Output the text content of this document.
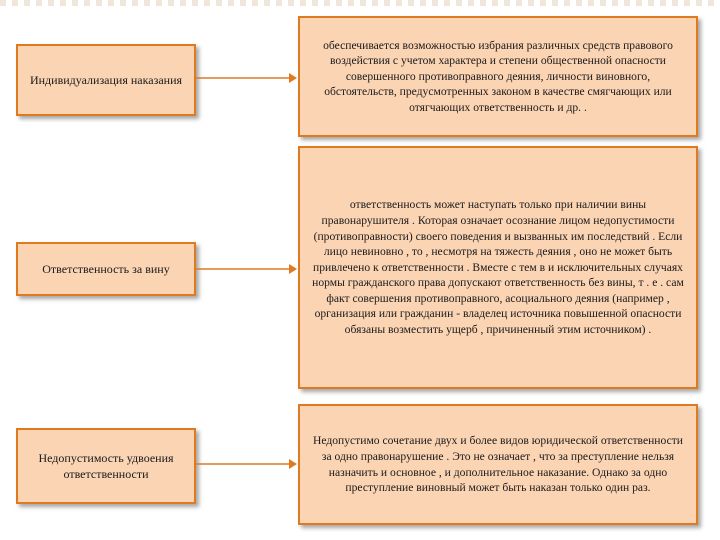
Индивидуализация наказания
обеспечивается возможностью избрания различных средств правового воздействия с учетом характера и степени общественной опасности совершенного противоправного деяния, личности виновного, обстоятельств, предусмотренных законом в качестве смягчающих или отягчающих ответственность и др. .
Ответственность за вину
ответственность может наступать только при наличии вины правонарушителя . Которая означает осознание лицом недопустимости (противоправности) своего поведения и вызванных им последствий . Если лицо невиновно , то , несмотря на тяжесть деяния , оно не может быть привлечено к ответственности . Вместе с тем в и исключительных случаях нормы гражданского права допускают ответственность без вины, т . е . сам факт совершения противоправного, асоциального деяния (например , организация или гражданин - владелец источника повышенной опасности обязаны возместить ущерб , причиненный этим источником) .
Недопустимость удвоения ответственности
Недопустимо сочетание двух и более видов юридической ответственности за одно правонарушение . Это не означает , что за преступление нельзя назначить и основное , и дополнительное наказание. Однако за одно преступление виновный может быть наказан только один раз.
